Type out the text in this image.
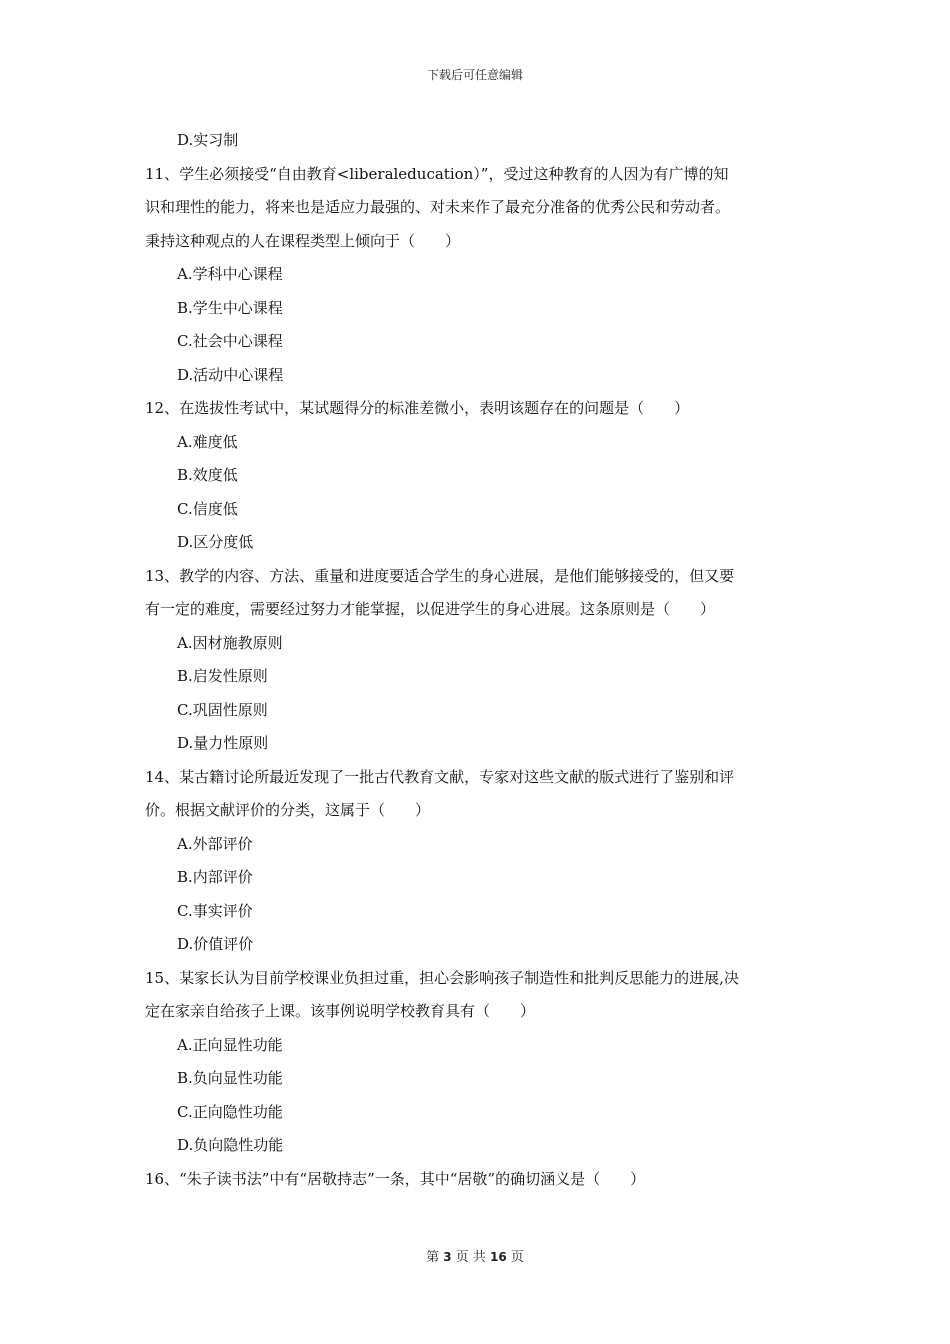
下载后可任意编辑
D.实习制
11、学生必须接受“自由教育<liberaleducation）”，受过这种教育的人因为有广博的知
识和理性的能力，将来也是适应力最强的、对未来作了最充分准备的优秀公民和劳动者。
秉持这种观点的人在课程类型上倾向于（　　）
A.学科中心课程
B.学生中心课程
C.社会中心课程
D.活动中心课程
12、在选拔性考试中，某试题得分的标准差微小，表明该题存在的问题是（　　）
A.难度低
B.效度低
C.信度低
D.区分度低
13、教学的内容、方法、重量和进度要适合学生的身心进展，是他们能够接受的，但又要
有一定的难度，需要经过努力才能掌握，以促进学生的身心进展。这条原则是（　　）
A.因材施教原则
B.启发性原则
C.巩固性原则
D.量力性原则
14、某古籍讨论所最近发现了一批古代教育文献，专家对这些文献的版式进行了鉴别和评
价。根据文献评价的分类，这属于（　　）
A.外部评价
B.内部评价
C.事实评价
D.价值评价
15、某家长认为目前学校课业负担过重，担心会影响孩子制造性和批判反思能力的进展,决
定在家亲自给孩子上课。该事例说明学校教育具有（　　）
A.正向显性功能
B.负向显性功能
C.正向隐性功能
D.负向隐性功能
16、“朱子读书法”中有“居敬持志”一条，其中“居敬”的确切涵义是（　　）
第 3 页 共 16 页
